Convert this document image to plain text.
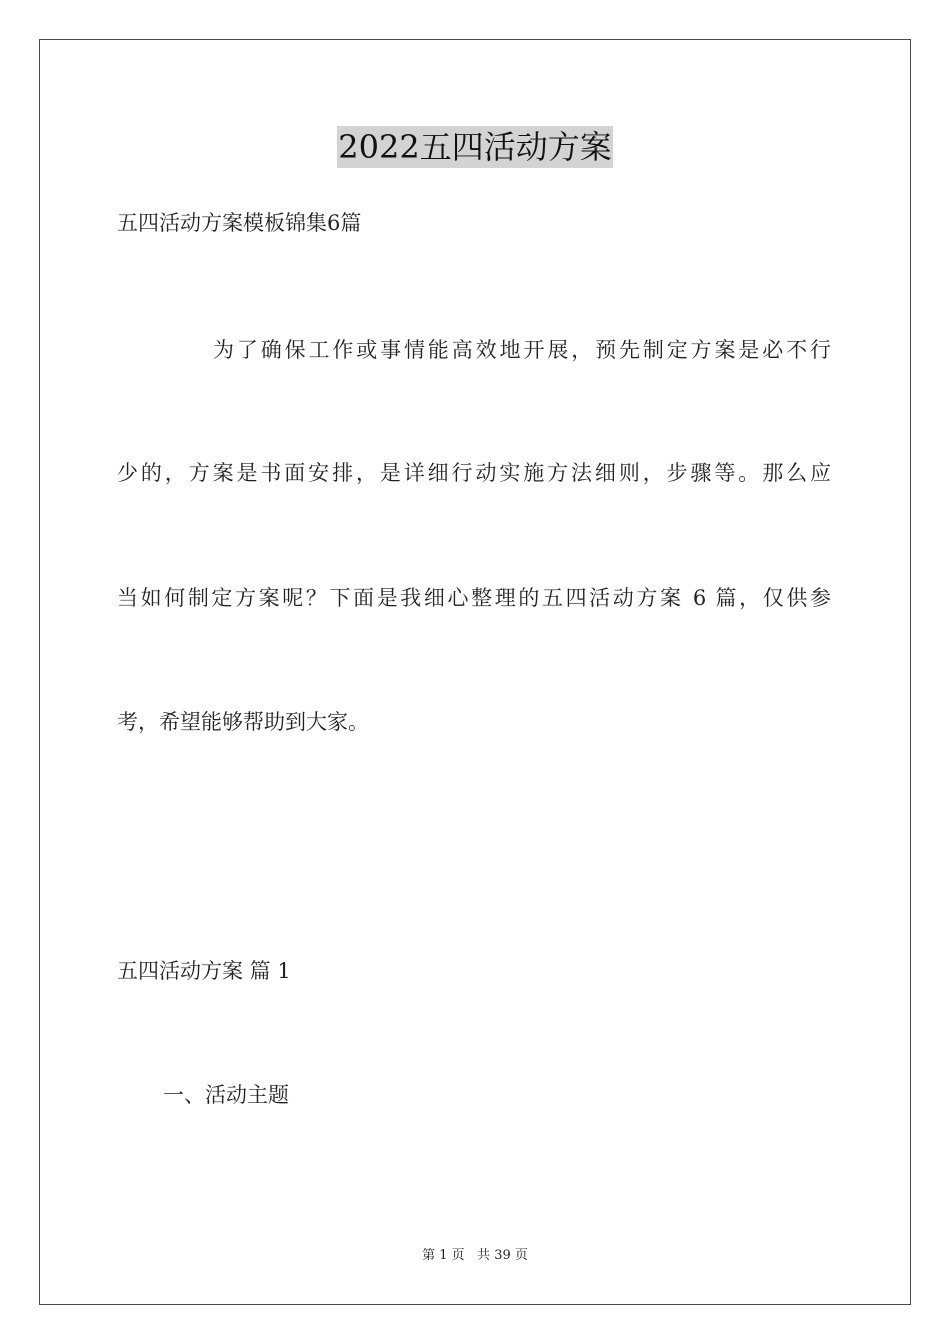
2022五四活动方案
五四活动方案模板锦集6篇
为了确保工作或事情能高效地开展，预先制定方案是必不行
少的，方案是书面安排，是详细行动实施方法细则，步骤等。那么应
当如何制定方案呢？下面是我细心整理的五四活动方案 6 篇，仅供参
考，希望能够帮助到大家。
五四活动方案 篇 1
一、活动主题
第 1 页   共 39 页
